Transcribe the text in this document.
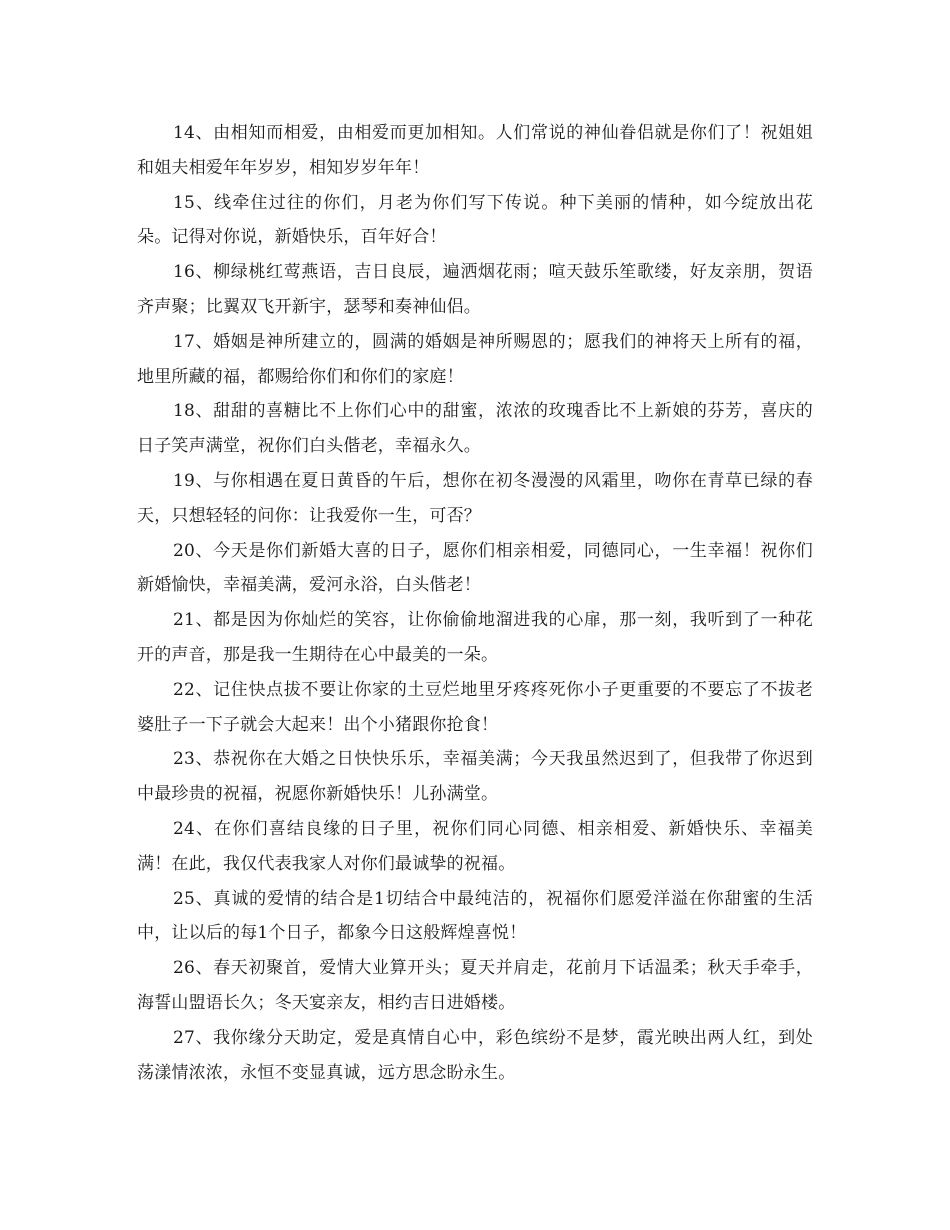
14、由相知而相爱，由相爱而更加相知。人们常说的神仙眷侣就是你们了！祝姐姐和姐夫相爱年年岁岁，相知岁岁年年！

15、线牵住过往的你们，月老为你们写下传说。种下美丽的情种，如今绽放出花朵。记得对你说，新婚快乐，百年好合！

16、柳绿桃红莺燕语，吉日良辰，遍洒烟花雨；喧天鼓乐笙歌缕，好友亲朋，贺语齐声聚；比翼双飞开新宇，瑟琴和奏神仙侣。

17、婚姻是神所建立的，圆满的婚姻是神所赐恩的；愿我们的神将天上所有的福，地里所藏的福，都赐给你们和你们的家庭！

18、甜甜的喜糖比不上你们心中的甜蜜，浓浓的玫瑰香比不上新娘的芬芳，喜庆的日子笑声满堂，祝你们白头偕老，幸福永久。

19、与你相遇在夏日黄昏的午后，想你在初冬漫漫的风霜里，吻你在青草已绿的春天，只想轻轻的问你：让我爱你一生，可否？

20、今天是你们新婚大喜的日子，愿你们相亲相爱，同德同心，一生幸福！祝你们新婚愉快，幸福美满，爱河永浴，白头偕老！

21、都是因为你灿烂的笑容，让你偷偷地溜进我的心扉，那一刻，我听到了一种花开的声音，那是我一生期待在心中最美的一朵。

22、记住快点拔不要让你家的土豆烂地里牙疼疼死你小子更重要的不要忘了不拔老婆肚子一下子就会大起来！出个小猪跟你抢食！

23、恭祝你在大婚之日快快乐乐，幸福美满；今天我虽然迟到了，但我带了你迟到中最珍贵的祝福，祝愿你新婚快乐！儿孙满堂。

24、在你们喜结良缘的日子里，祝你们同心同德、相亲相爱、新婚快乐、幸福美满！在此，我仅代表我家人对你们最诚挚的祝福。

25、真诚的爱情的结合是1切结合中最纯洁的，祝福你们愿爱洋溢在你甜蜜的生活中，让以后的每1个日子，都象今日这般辉煌喜悦！

26、春天初聚首，爱情大业算开头；夏天并肩走，花前月下话温柔；秋天手牵手，海誓山盟语长久；冬天宴亲友，相约吉日进婚楼。

27、我你缘分天助定，爱是真情自心中，彩色缤纷不是梦，霞光映出两人红，到处荡漾情浓浓，永恒不变显真诚，远方思念盼永生。
